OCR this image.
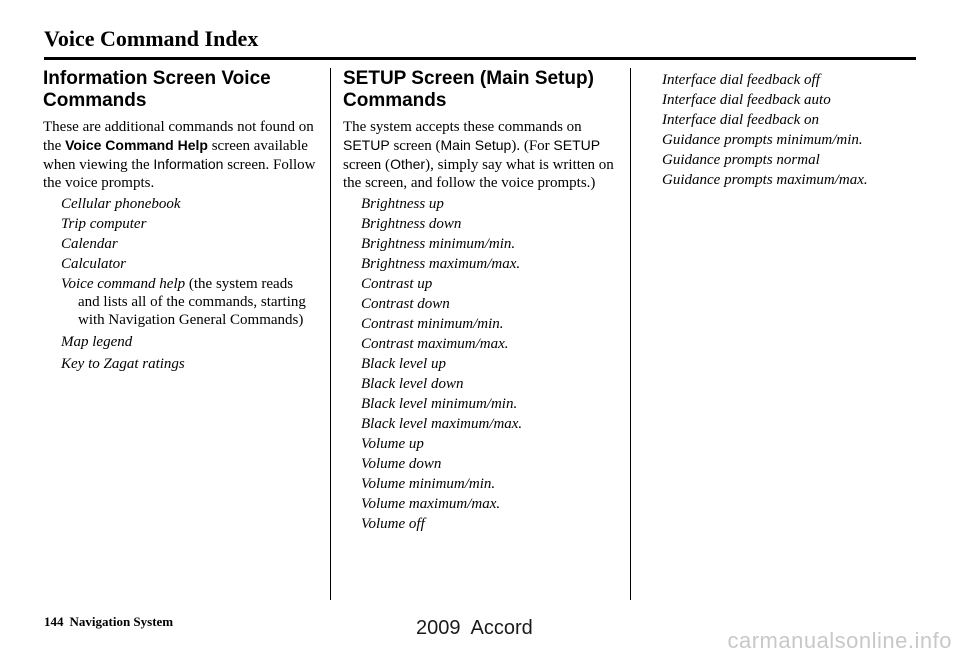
Voice Command Index
Information Screen Voice Commands

These are additional commands not found on the Voice Command Help screen available when viewing the Information screen. Follow the voice prompts.

Cellular phonebook
Trip computer
Calendar
Calculator
Voice command help (the system reads and lists all of the commands, starting with Navigation General Commands)
Map legend
Key to Zagat ratings
SETUP Screen (Main Setup) Commands

The system accepts these commands on SETUP screen (Main Setup). (For SETUP screen (Other), simply say what is written on the screen, and follow the voice prompts.)

Brightness up
Brightness down
Brightness minimum/min.
Brightness maximum/max.
Contrast up
Contrast down
Contrast minimum/min.
Contrast maximum/max.
Black level up
Black level down
Black level minimum/min.
Black level maximum/max.
Volume up
Volume down
Volume minimum/min.
Volume maximum/max.
Volume off
Interface dial feedback off
Interface dial feedback auto
Interface dial feedback on
Guidance prompts minimum/min.
Guidance prompts normal
Guidance prompts maximum/max.
144 Navigation System	2009  Accord	carmanualsonline.info
